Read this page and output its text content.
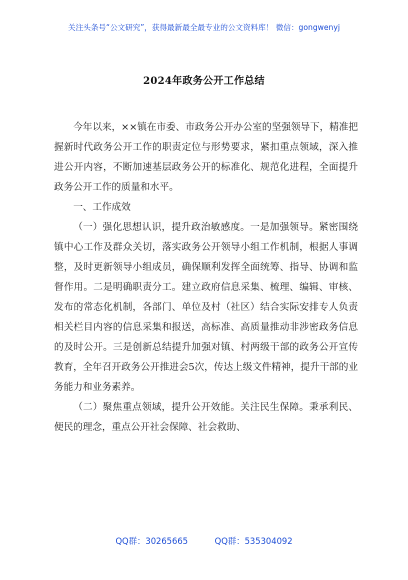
关注头条号“公文研究”，获得最新最全最专业的公文资料库！ 微信：gongwenyj
2024年政务公开工作总结

今年以来，××镇在市委、市政务公开办公室的坚强领导下，精准把握新时代政务公开工作的职责定位与形势要求，紧扣重点领域，深入推进公开内容，不断加速基层政务公开的标准化、规范化进程，全面提升政务公开工作的质量和水平。

一、工作成效

（一）强化思想认识，提升政治敏感度。一是加强领导。紧密围绕镇中心工作及群众关切，落实政务公开领导小组工作机制，根据人事调整，及时更新领导小组成员，确保顺利发挥全面统筹、指导、协调和监督作用。二是明确职责分工。建立政府信息采集、梳理、编辑、审核、发布的常态化机制，各部门、单位及村（社区）结合实际安排专人负责相关栏目内容的信息采集和报送，高标准、高质量推动非涉密政务信息的及时公开。三是创新总结提升加强对镇、村两级干部的政务公开宣传教育，全年召开政务公开推进会5次，传达上级文件精神，提升干部的业务能力和业务素养。

（二）聚焦重点领域，提升公开效能。关注民生保障。秉承利民、便民的理念，重点公开社会保障、社会救助、

QQ群：30265665	QQ群：535304092
